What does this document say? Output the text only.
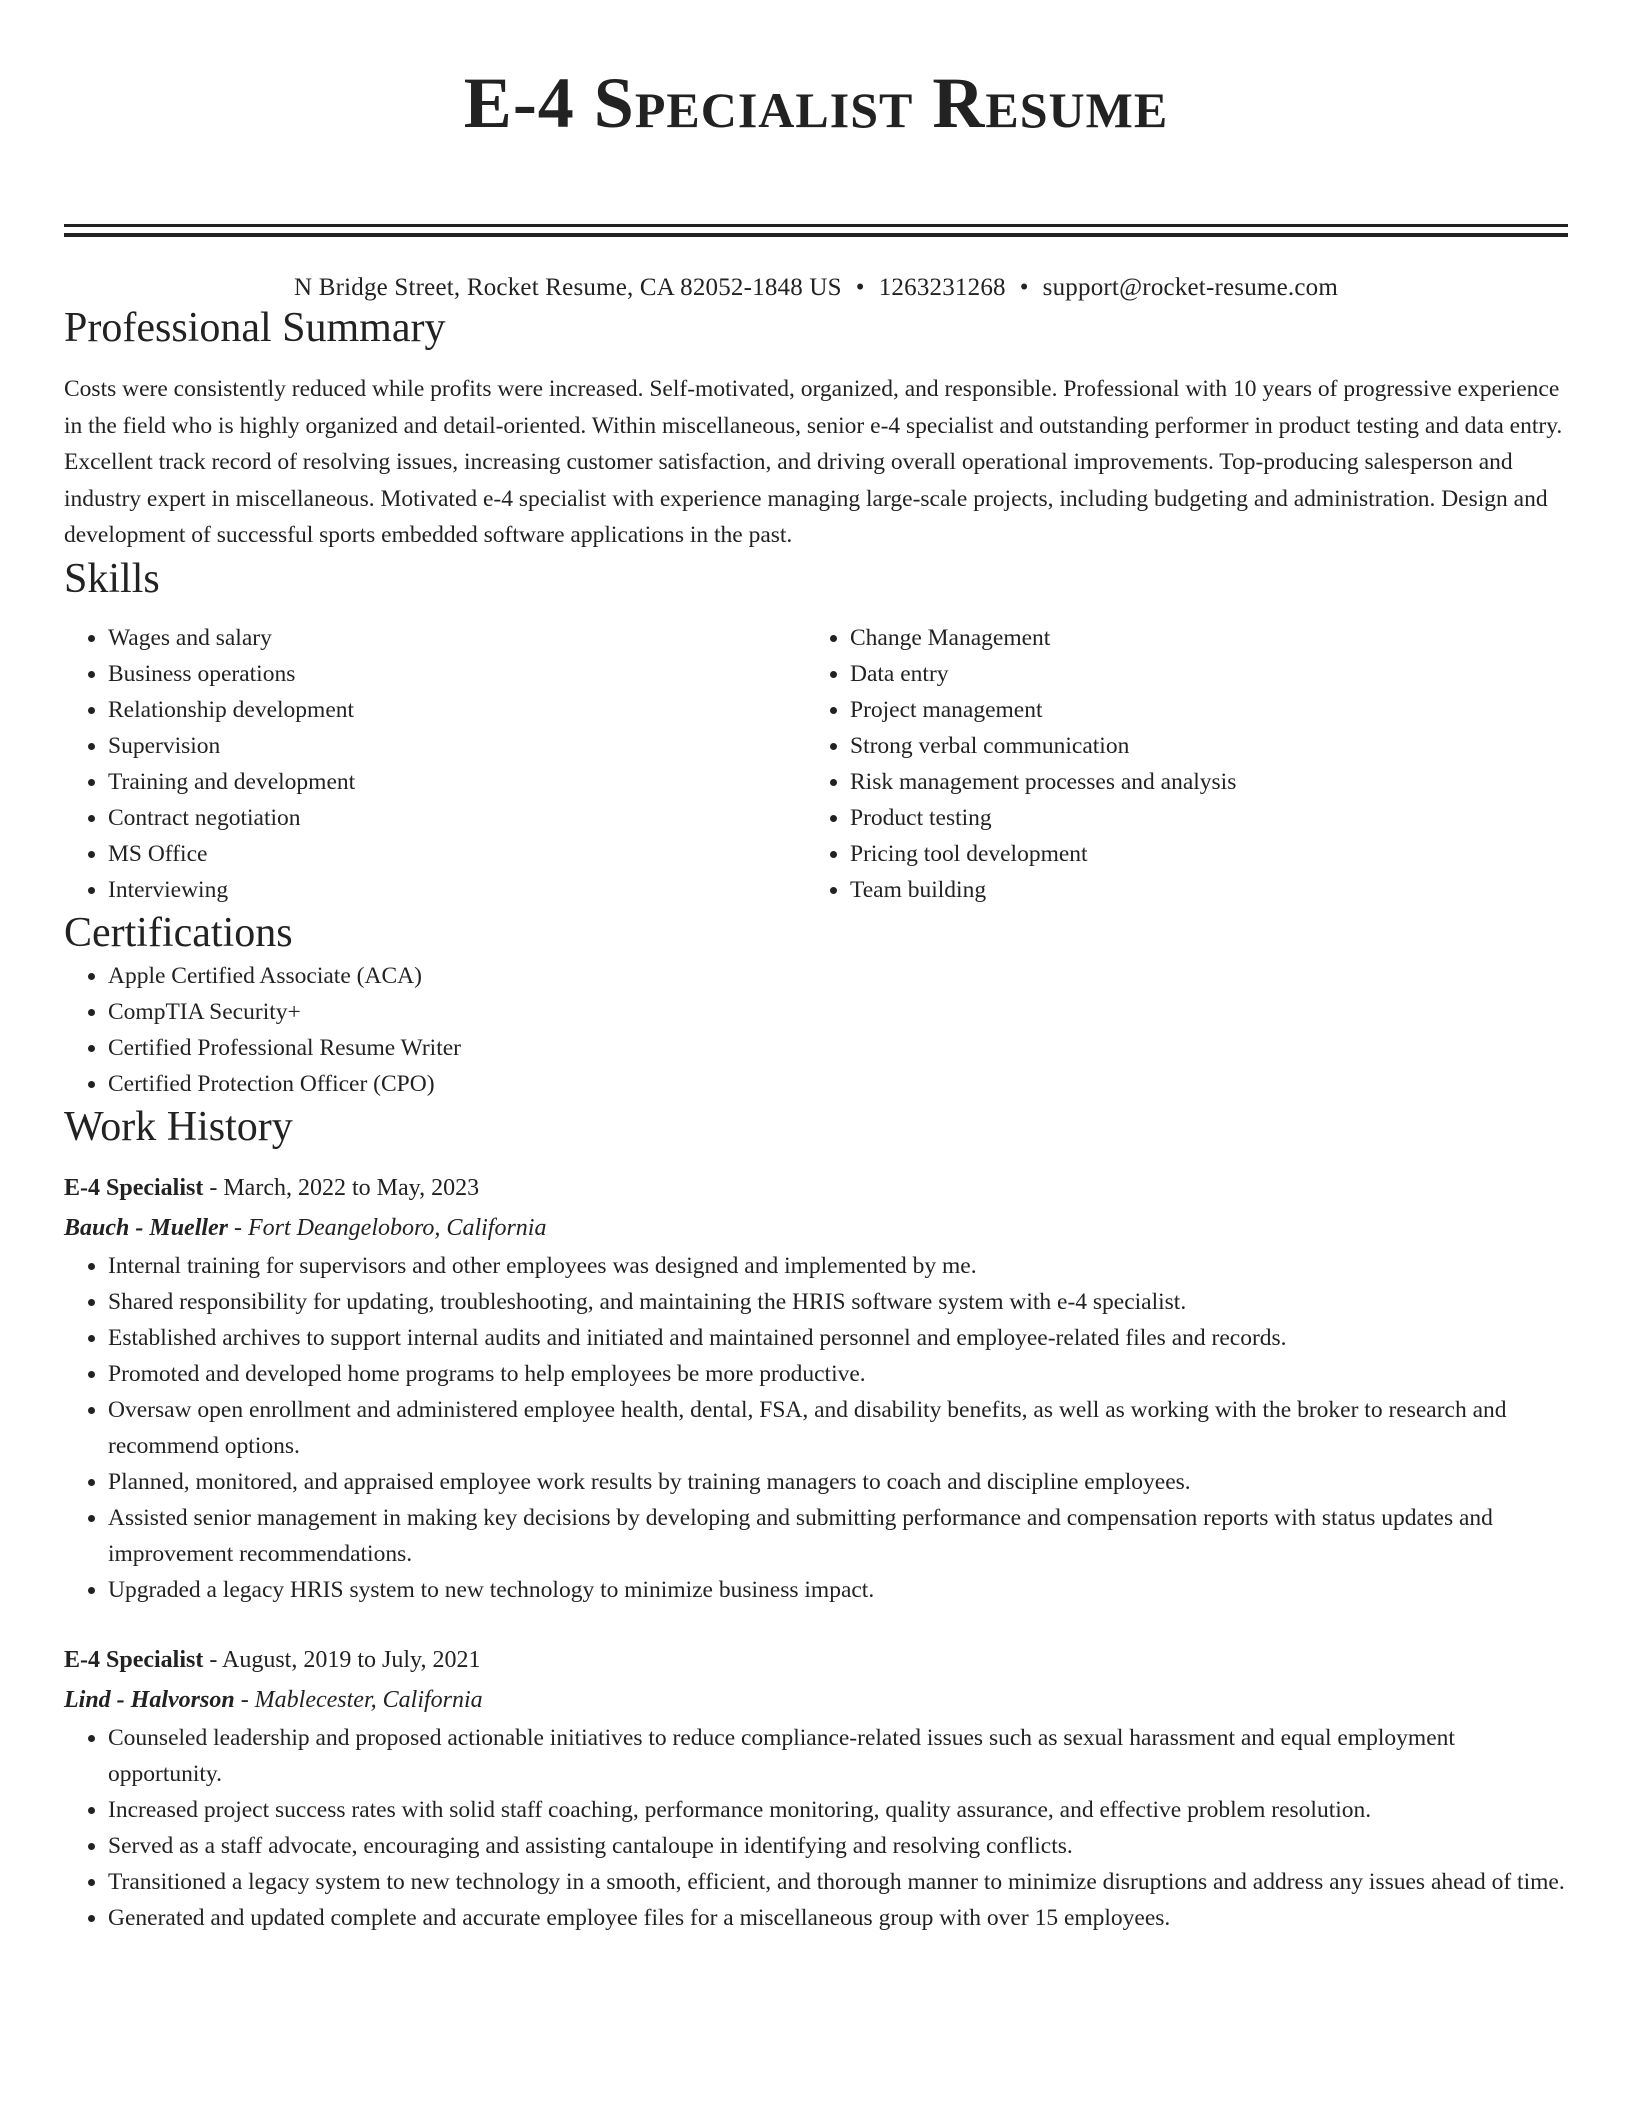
E-4 Specialist Resume
N Bridge Street, Rocket Resume, CA 82052-1848 US • 1263231268 • support@rocket-resume.com
Professional Summary
Costs were consistently reduced while profits were increased. Self-motivated, organized, and responsible. Professional with 10 years of progressive experience in the field who is highly organized and detail-oriented. Within miscellaneous, senior e-4 specialist and outstanding performer in product testing and data entry. Excellent track record of resolving issues, increasing customer satisfaction, and driving overall operational improvements. Top-producing salesperson and industry expert in miscellaneous. Motivated e-4 specialist with experience managing large-scale projects, including budgeting and administration. Design and development of successful sports embedded software applications in the past.
Skills
• Wages and salary
• Business operations
• Relationship development
• Supervision
• Training and development
• Contract negotiation
• MS Office
• Interviewing
• Change Management
• Data entry
• Project management
• Strong verbal communication
• Risk management processes and analysis
• Product testing
• Pricing tool development
• Team building
Certifications
• Apple Certified Associate (ACA)
• CompTIA Security+
• Certified Professional Resume Writer
• Certified Protection Officer (CPO)
Work History
E-4 Specialist - March, 2022 to May, 2023
Bauch - Mueller - Fort Deangeloboro, California
• Internal training for supervisors and other employees was designed and implemented by me.
• Shared responsibility for updating, troubleshooting, and maintaining the HRIS software system with e-4 specialist.
• Established archives to support internal audits and initiated and maintained personnel and employee-related files and records.
• Promoted and developed home programs to help employees be more productive.
• Oversaw open enrollment and administered employee health, dental, FSA, and disability benefits, as well as working with the broker to research and recommend options.
• Planned, monitored, and appraised employee work results by training managers to coach and discipline employees.
• Assisted senior management in making key decisions by developing and submitting performance and compensation reports with status updates and improvement recommendations.
• Upgraded a legacy HRIS system to new technology to minimize business impact.
E-4 Specialist - August, 2019 to July, 2021
Lind - Halvorson - Mablecester, California
• Counseled leadership and proposed actionable initiatives to reduce compliance-related issues such as sexual harassment and equal employment opportunity.
• Increased project success rates with solid staff coaching, performance monitoring, quality assurance, and effective problem resolution.
• Served as a staff advocate, encouraging and assisting cantaloupe in identifying and resolving conflicts.
• Transitioned a legacy system to new technology in a smooth, efficient, and thorough manner to minimize disruptions and address any issues ahead of time.
• Generated and updated complete and accurate employee files for a miscellaneous group with over 15 employees.
